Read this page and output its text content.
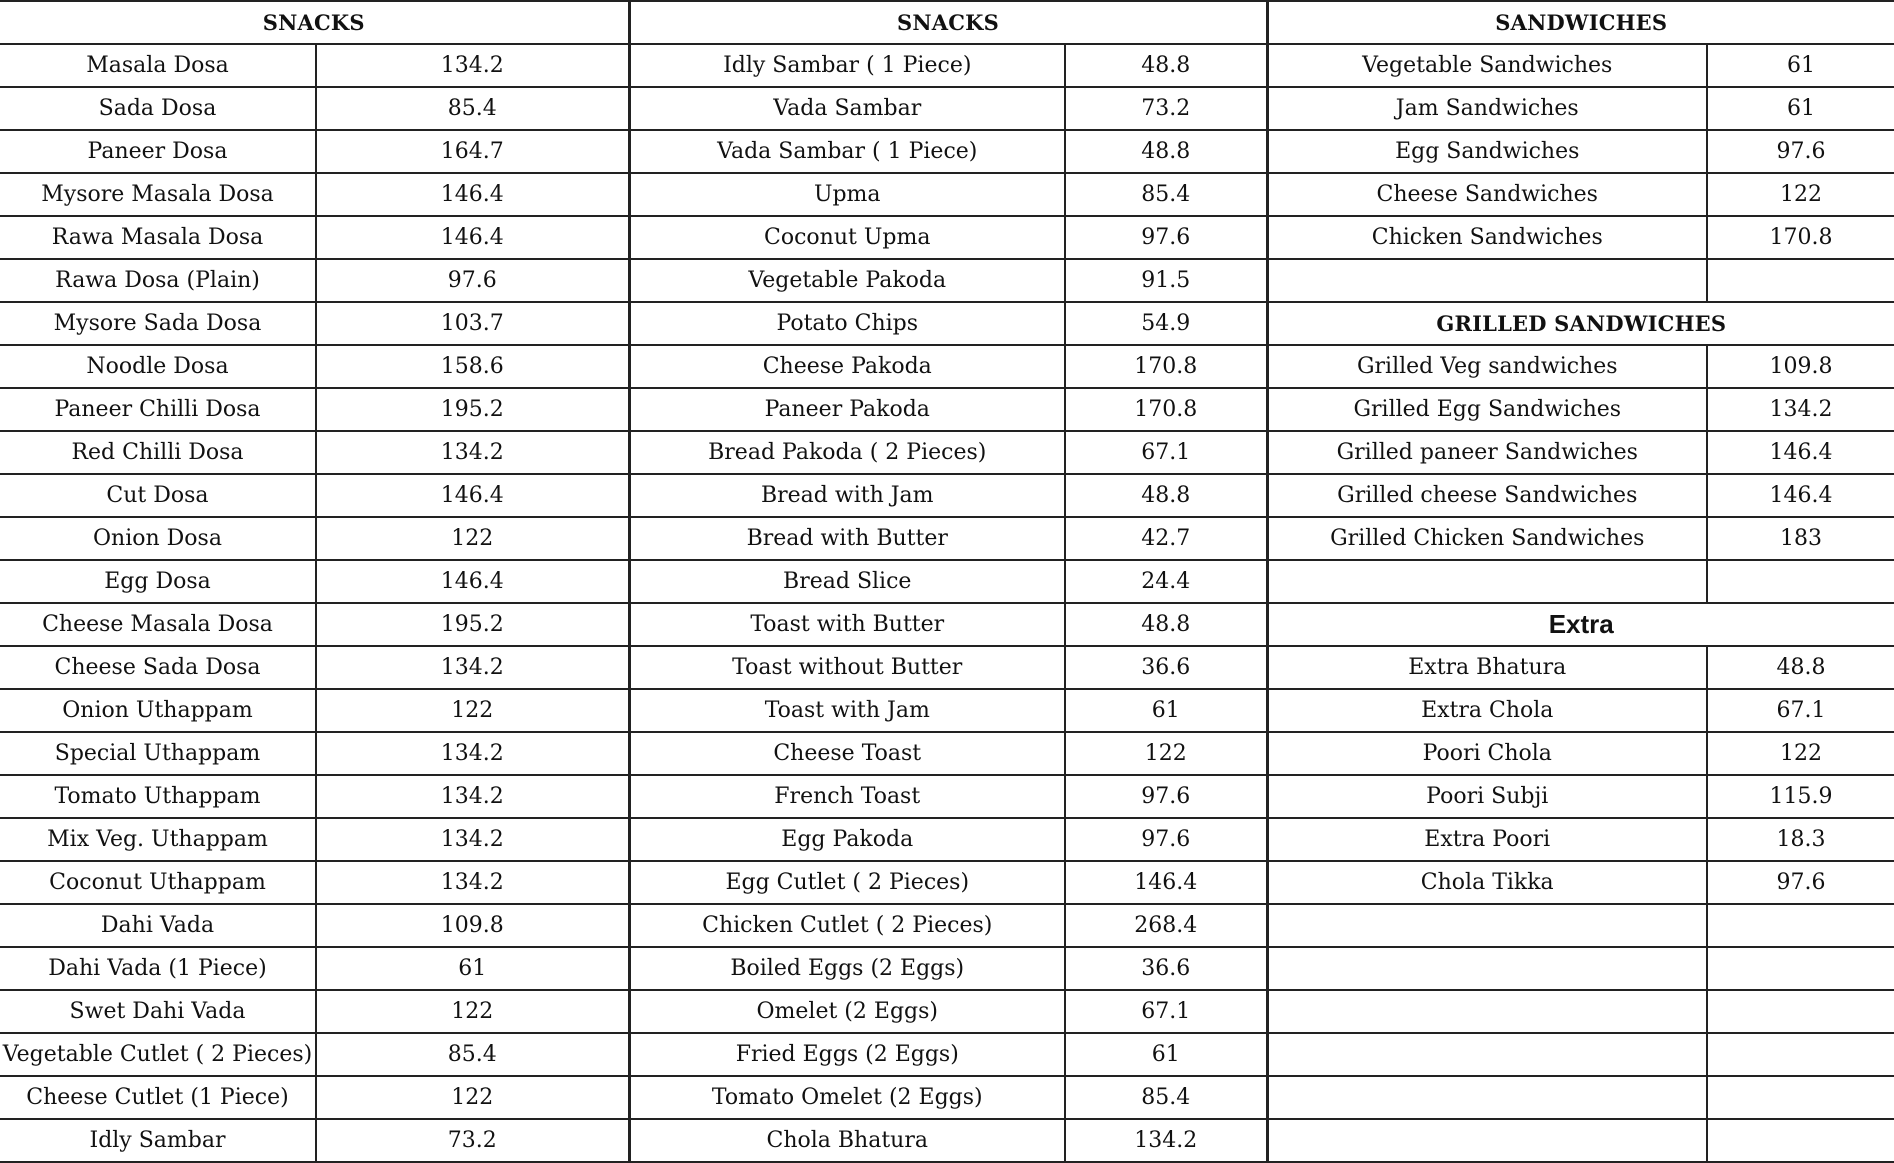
SNACKS		SNACKS		SANDWICHES	
Masala Dosa	134.2	Idly Sambar ( 1 Piece)	48.8	Vegetable Sandwiches	61
Sada Dosa	85.4	Vada Sambar	73.2	Jam Sandwiches	61
Paneer Dosa	164.7	Vada Sambar ( 1 Piece)	48.8	Egg Sandwiches	97.6
Mysore Masala Dosa	146.4	Upma	85.4	Cheese Sandwiches	122
Rawa Masala Dosa	146.4	Coconut Upma	97.6	Chicken Sandwiches	170.8
Rawa Dosa (Plain)	97.6	Vegetable Pakoda	91.5		
Mysore Sada Dosa	103.7	Potato Chips	54.9	GRILLED SANDWICHES	
Noodle Dosa	158.6	Cheese Pakoda	170.8	Grilled Veg sandwiches	109.8
Paneer Chilli Dosa	195.2	Paneer Pakoda	170.8	Grilled Egg Sandwiches	134.2
Red Chilli Dosa	134.2	Bread Pakoda ( 2 Pieces)	67.1	Grilled paneer Sandwiches	146.4
Cut Dosa	146.4	Bread with Jam	48.8	Grilled cheese Sandwiches	146.4
Onion Dosa	122	Bread with Butter	42.7	Grilled Chicken Sandwiches	183
Egg Dosa	146.4	Bread Slice	24.4		
Cheese Masala Dosa	195.2	Toast with Butter	48.8	Extra	
Cheese Sada Dosa	134.2	Toast without Butter	36.6	Extra Bhatura	48.8
Onion Uthappam	122	Toast with Jam	61	Extra Chola	67.1
Special Uthappam	134.2	Cheese Toast	122	Poori Chola	122
Tomato Uthappam	134.2	French Toast	97.6	Poori Subji	115.9
Mix Veg. Uthappam	134.2	Egg Pakoda	97.6	Extra Poori	18.3
Coconut Uthappam	134.2	Egg Cutlet ( 2 Pieces)	146.4	Chola Tikka	97.6
Dahi Vada	109.8	Chicken Cutlet ( 2 Pieces)	268.4		
Dahi Vada (1 Piece)	61	Boiled Eggs (2 Eggs)	36.6		
Swet Dahi Vada	122	Omelet (2 Eggs)	67.1		
Vegetable Cutlet ( 2 Pieces)	85.4	Fried Eggs (2 Eggs)	61		
Cheese Cutlet (1 Piece)	122	Tomato Omelet (2 Eggs)	85.4		
Idly Sambar	73.2	Chola Bhatura	134.2		
